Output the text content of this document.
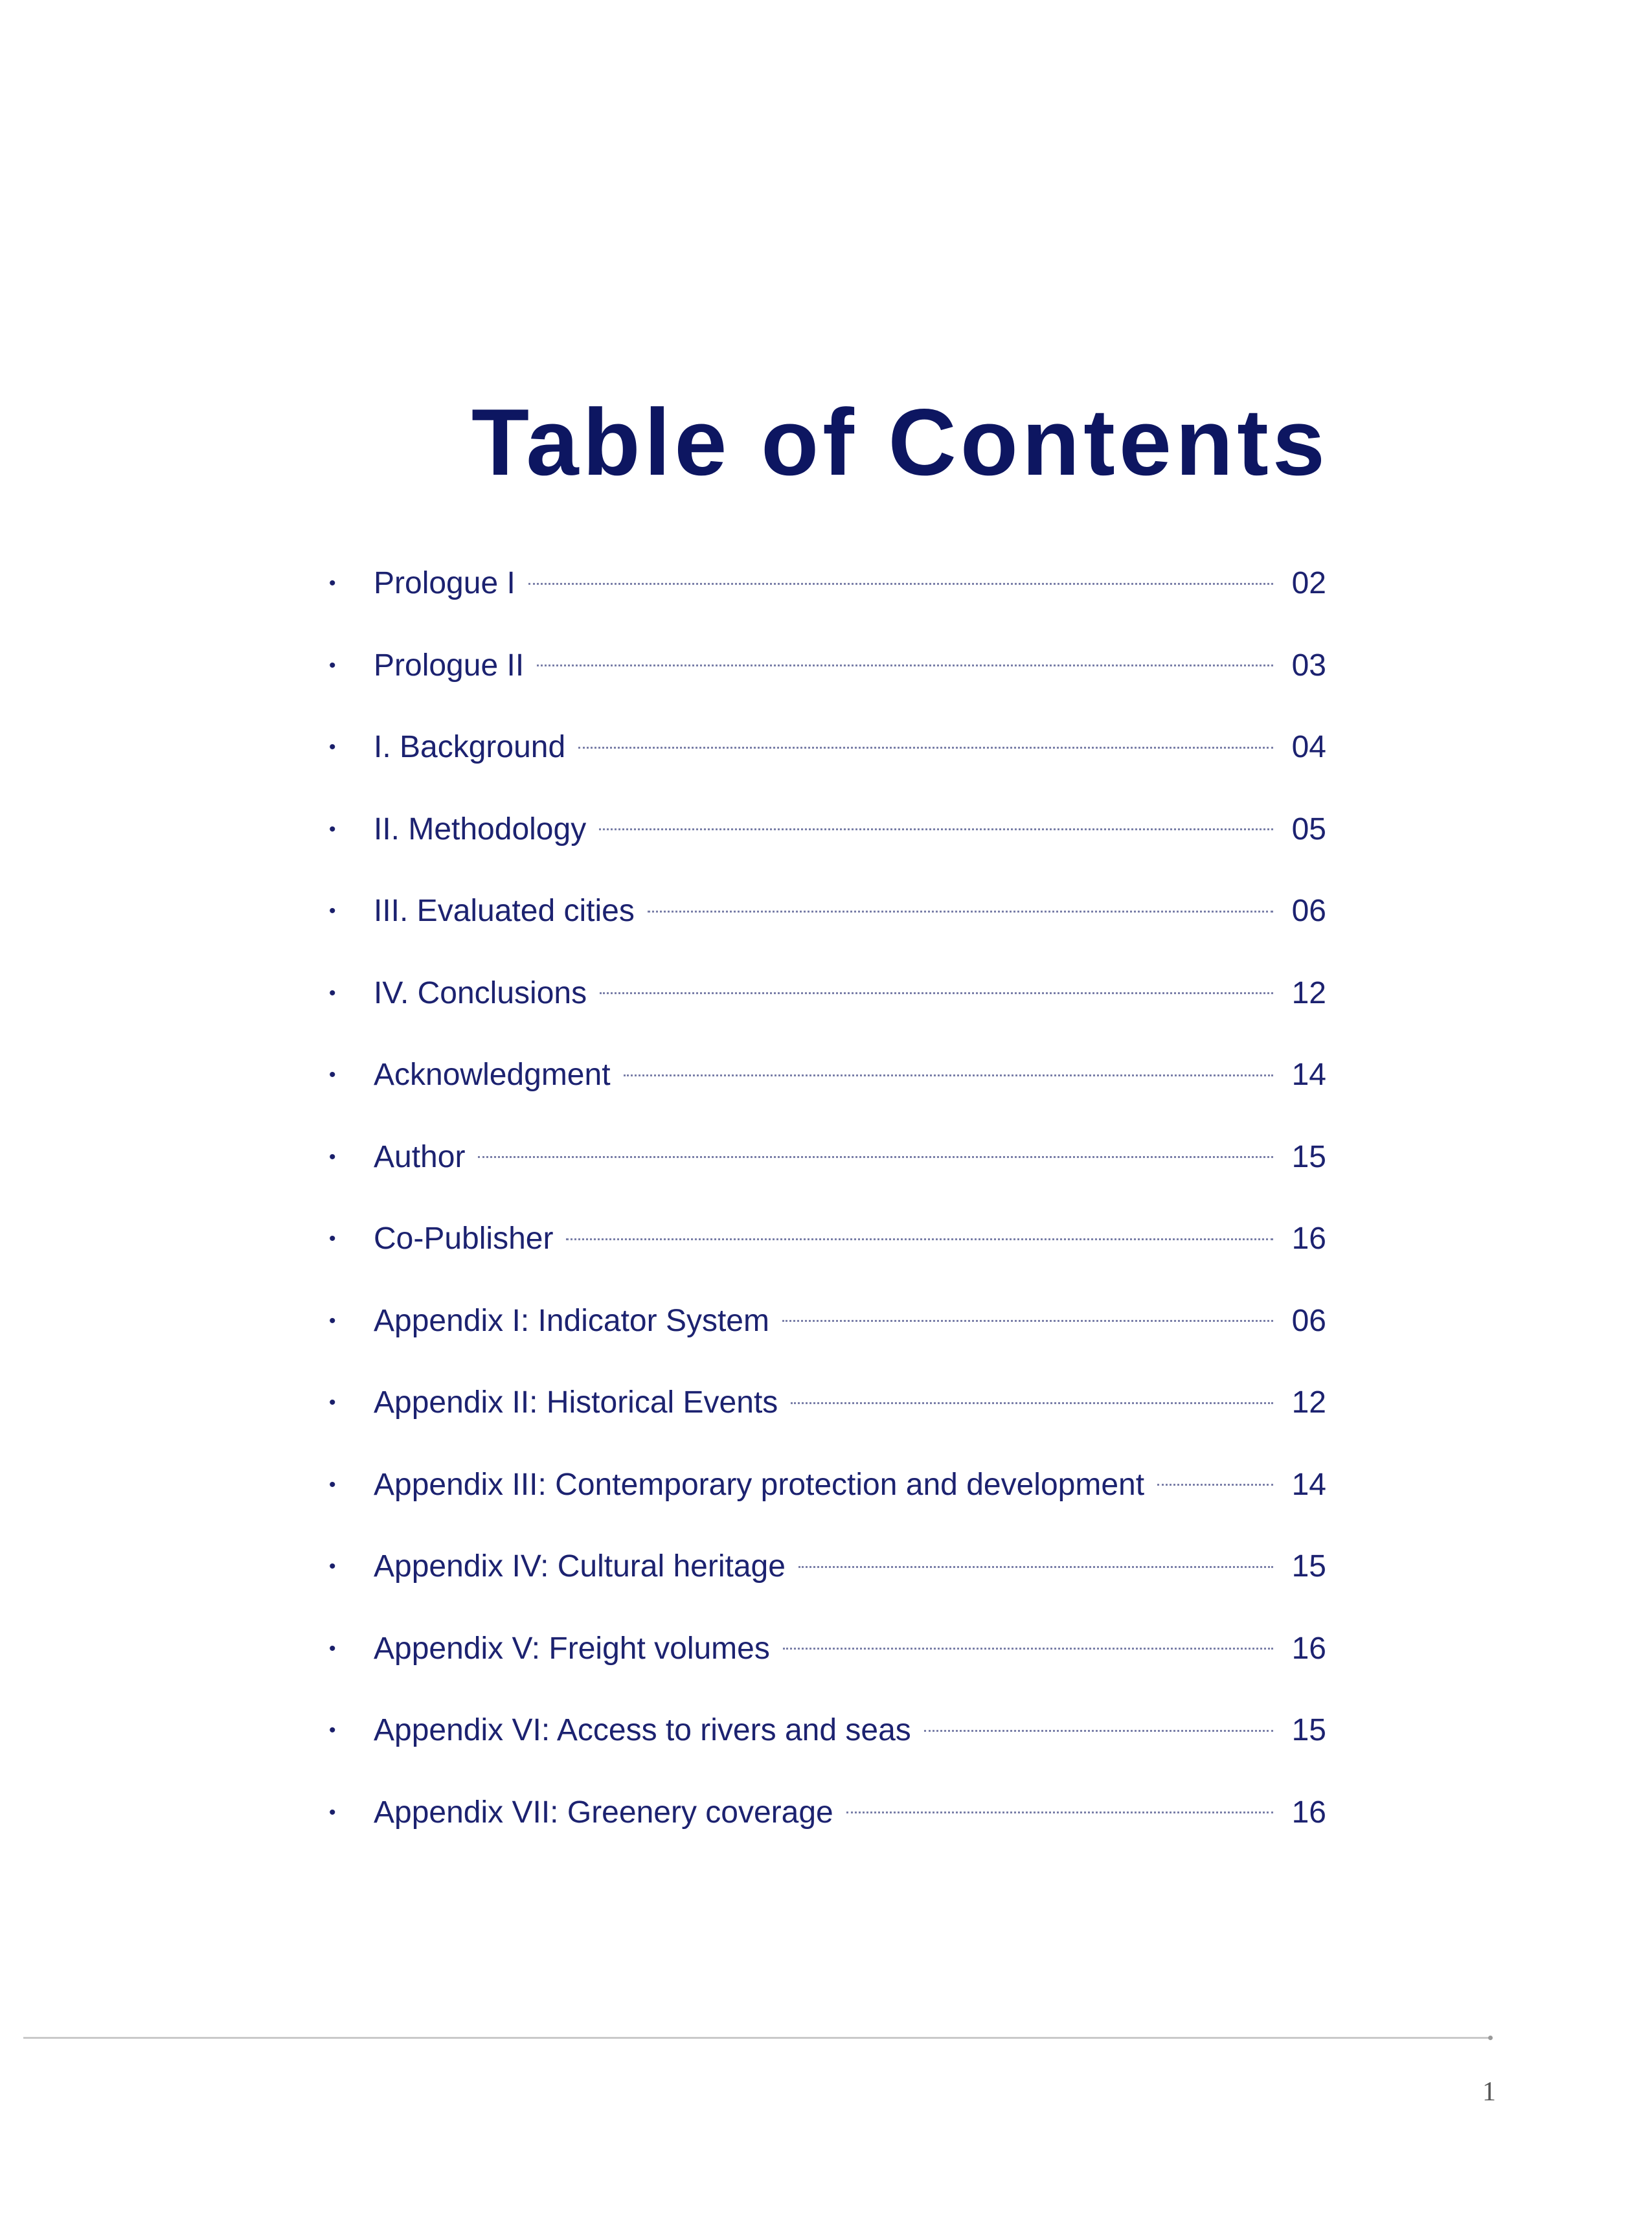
Table of Contents
•	Prologue I	02
•	Prologue II	03
•	I. Background	04
•	II. Methodology	05
•	III. Evaluated cities	06
•	IV. Conclusions	12
•	Acknowledgment	14
•	Author	15
•	Co-Publisher	16
•	Appendix I: Indicator System	06
•	Appendix II: Historical Events	12
•	Appendix III: Contemporary protection and development	14
•	Appendix IV: Cultural heritage	15
•	Appendix V: Freight volumes	16
•	Appendix VI: Access to rivers and seas	15
•	Appendix VII: Greenery coverage	16
1
